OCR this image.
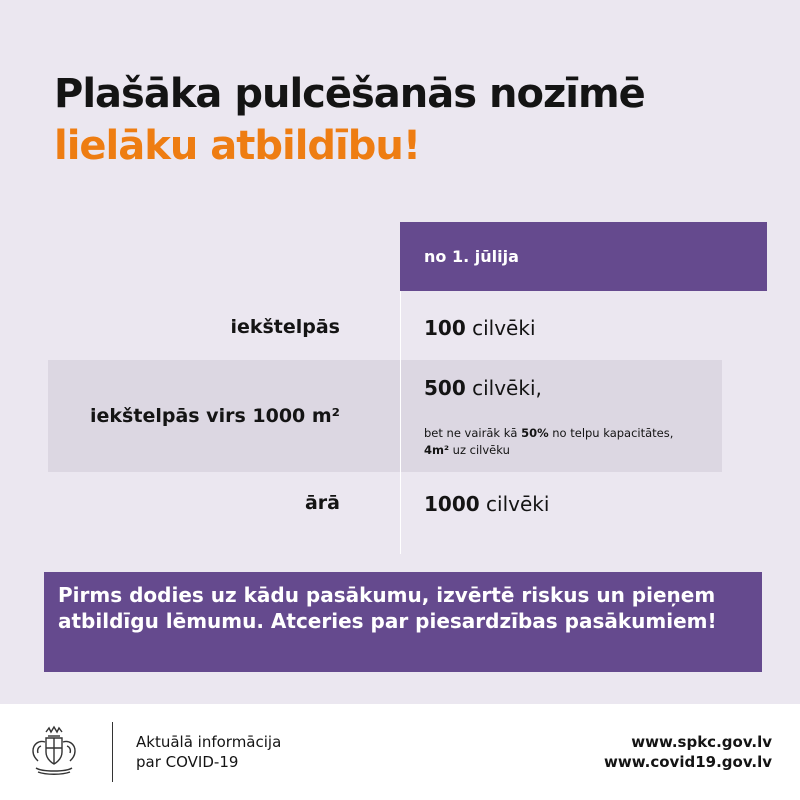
Plašāka pulcēšanās nozīmē
lielāku atbildību!
iekštelpās	100 cilvēki
iekštelpās virs 1000 m²
500 cilvēki,
bet ne vairāk kā 50% no telpu kapacitātes, 4m² uz cilvēku
ārā	1000 cilvēki
no 1. jūlija
Pirms dodies uz kādu pasākumu, izvērtē riskus un pieņem atbildīgu lēmumu. Atceries par piesardzības pasākumiem!
Aktuālā informācija
par COVID-19
www.spkc.gov.lv
www.covid19.gov.lv
